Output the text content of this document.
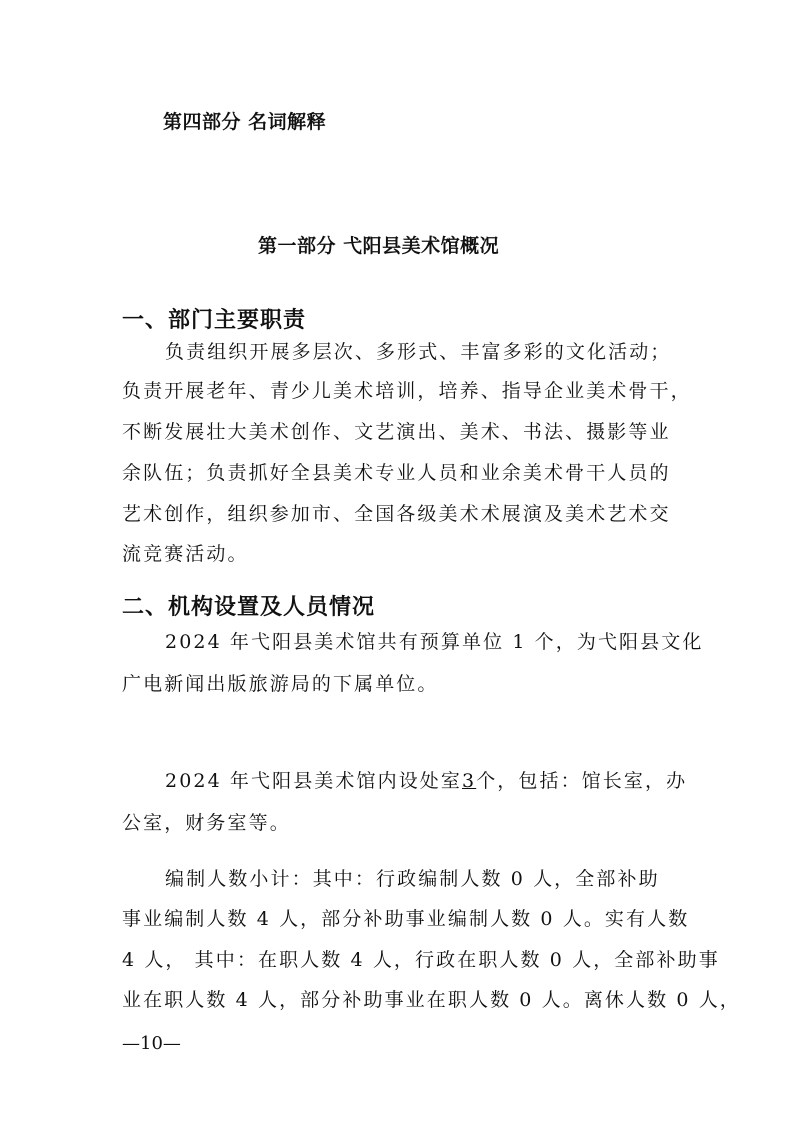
第四部分 名词解释
第一部分 弋阳县美术馆概况
一、部门主要职责
负责组织开展多层次、多形式、丰富多彩的文化活动；
负责开展老年、青少儿美术培训，培养、指导企业美术骨干，
不断发展壮大美术创作、文艺演出、美术、书法、摄影等业
余队伍；负责抓好全县美术专业人员和业余美术骨干人员的
艺术创作，组织参加市、全国各级美术术展演及美术艺术交
流竞赛活动。
二、机构设置及人员情况
2024 年弋阳县美术馆共有预算单位 1 个，为弋阳县文化
广电新闻出版旅游局的下属单位。
2024 年弋阳县美术馆内设处室3个，包括：馆长室，办
公室，财务室等。
编制人数小计：其中：行政编制人数 0 人，全部补助
事业编制人数 4 人，部分补助事业编制人数 0 人。实有人数
4 人， 其中：在职人数 4 人，行政在职人数 0 人，全部补助事
业在职人数 4 人，部分补助事业在职人数 0 人。离休人数 0 人，
—10—
